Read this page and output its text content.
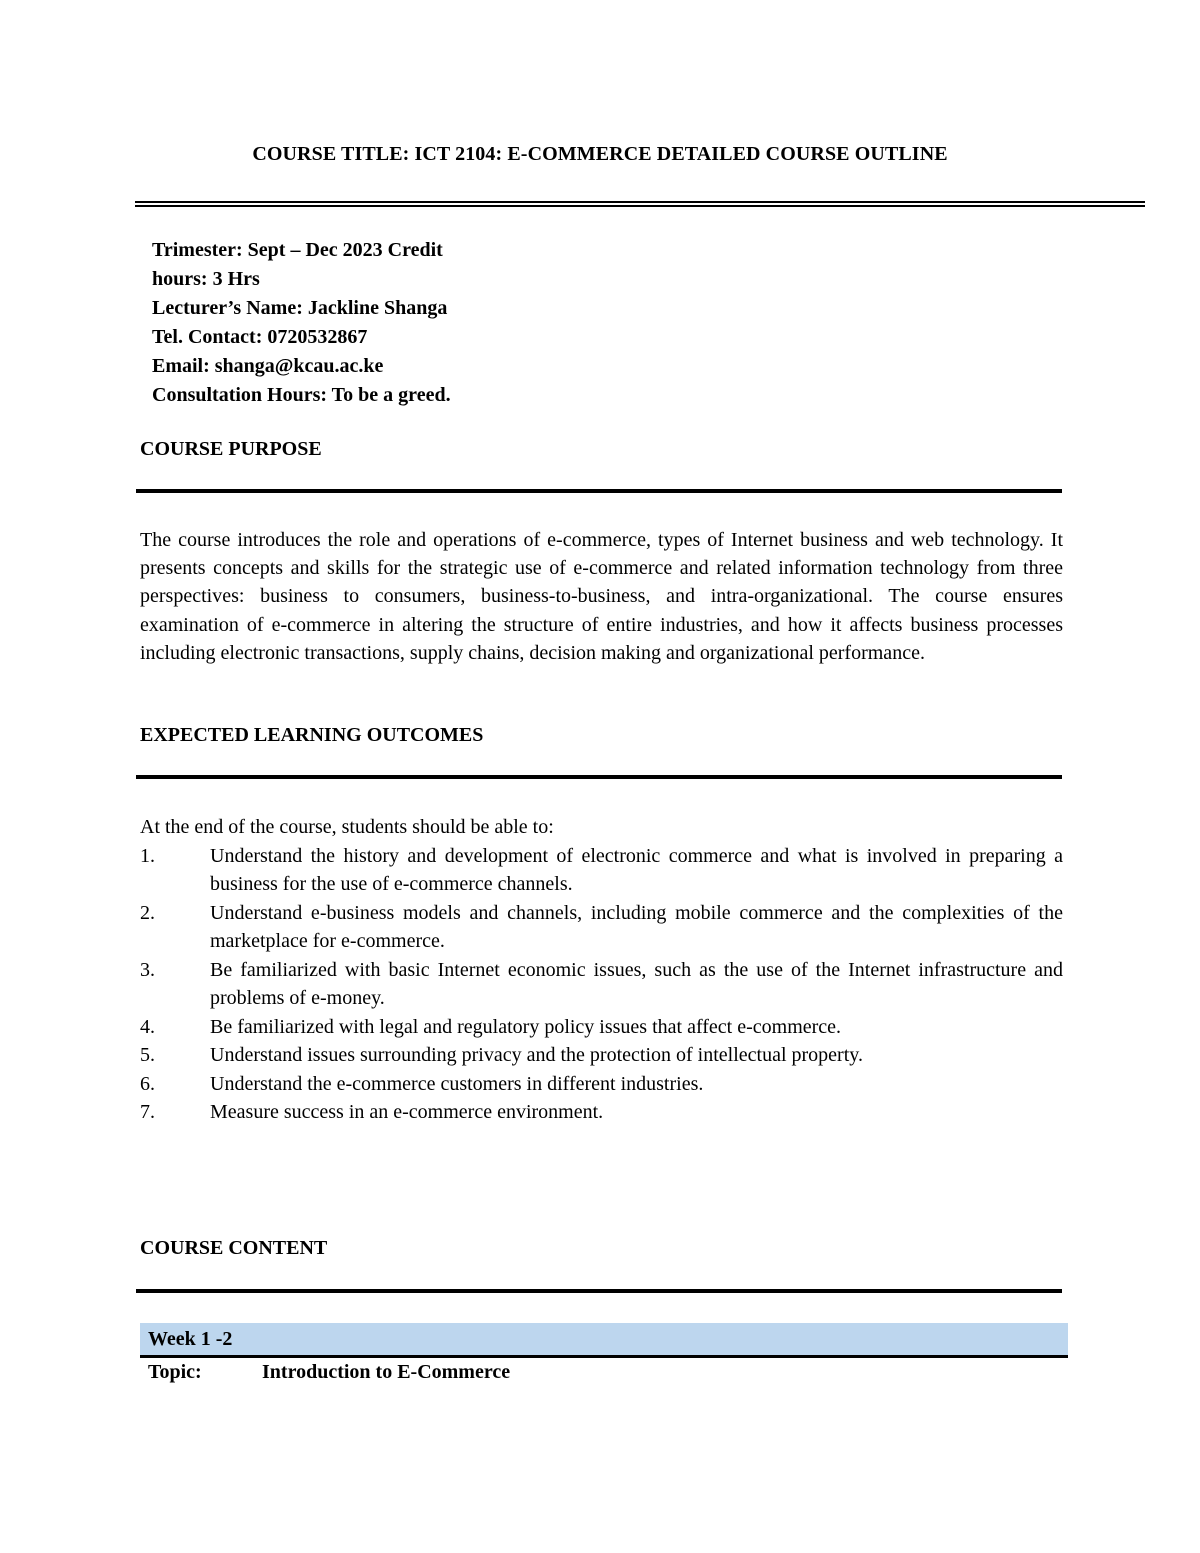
COURSE TITLE: ICT 2104: E-COMMERCE DETAILED COURSE OUTLINE
Trimester: Sept – Dec 2023 Credit
hours: 3 Hrs
Lecturer’s Name: Jackline Shanga
Tel. Contact: 0720532867
Email: shanga@kcau.ac.ke
Consultation Hours: To be a greed.
COURSE PURPOSE
The course introduces the role and operations of e-commerce, types of Internet business and web technology. It presents concepts and skills for the strategic use of e-commerce and related information technology from three perspectives: business to consumers, business-to-business, and intra-organizational. The course ensures examination of e-commerce in altering the structure of entire industries, and how it affects business processes including electronic transactions, supply chains, decision making and organizational performance.
EXPECTED LEARNING OUTCOMES
At the end of the course, students should be able to:
1.	Understand the history and development of electronic commerce and what is involved in preparing a business for the use of e-commerce channels.
2.	Understand e-business models and channels, including mobile commerce and the complexities of the marketplace for e-commerce.
3.	Be familiarized with basic Internet economic issues, such as the use of the Internet infrastructure and problems of e-money.
4.	Be familiarized with legal and regulatory policy issues that affect e-commerce.
5.	Understand issues surrounding privacy and the protection of intellectual property.
6.	Understand the e-commerce customers in different industries.
7.	Measure success in an e-commerce environment.
COURSE CONTENT
Week 1 -2
Topic:	Introduction to E-Commerce
